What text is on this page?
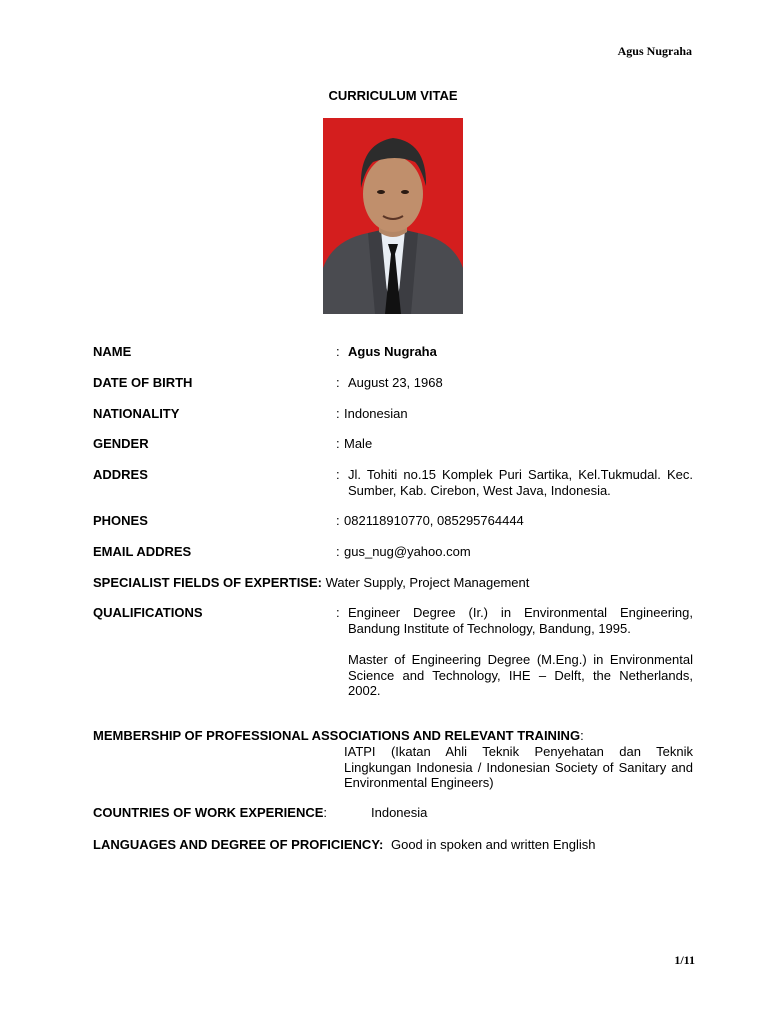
Agus Nugraha
CURRICULUM VITAE
NAME	: Agus Nugraha
DATE OF BIRTH	: August 23, 1968
NATIONALITY	: Indonesian
GENDER	: Male
ADDRES	: Jl. Tohiti no.15 Komplek Puri Sartika, Kel.Tukmudal. Kec. Sumber, Kab. Cirebon, West Java, Indonesia.
PHONES	: 082118910770, 085295764444
EMAIL ADDRES	: gus_nug@yahoo.com
SPECIALIST FIELDS OF EXPERTISE: Water Supply, Project Management
QUALIFICATIONS	: Engineer Degree (Ir.) in Environmental Engineering, Bandung Institute of Technology, Bandung, 1995.
Master of Engineering Degree (M.Eng.) in Environmental Science and Technology, IHE – Delft, the Netherlands, 2002.
MEMBERSHIP OF PROFESSIONAL ASSOCIATIONS AND RELEVANT TRAINING:
IATPI (Ikatan Ahli Teknik Penyehatan dan Teknik Lingkungan Indonesia / Indonesian Society of Sanitary and Environmental Engineers)
COUNTRIES OF WORK EXPERIENCE:	Indonesia
LANGUAGES AND DEGREE OF PROFICIENCY: Good in spoken and written English
1/11
